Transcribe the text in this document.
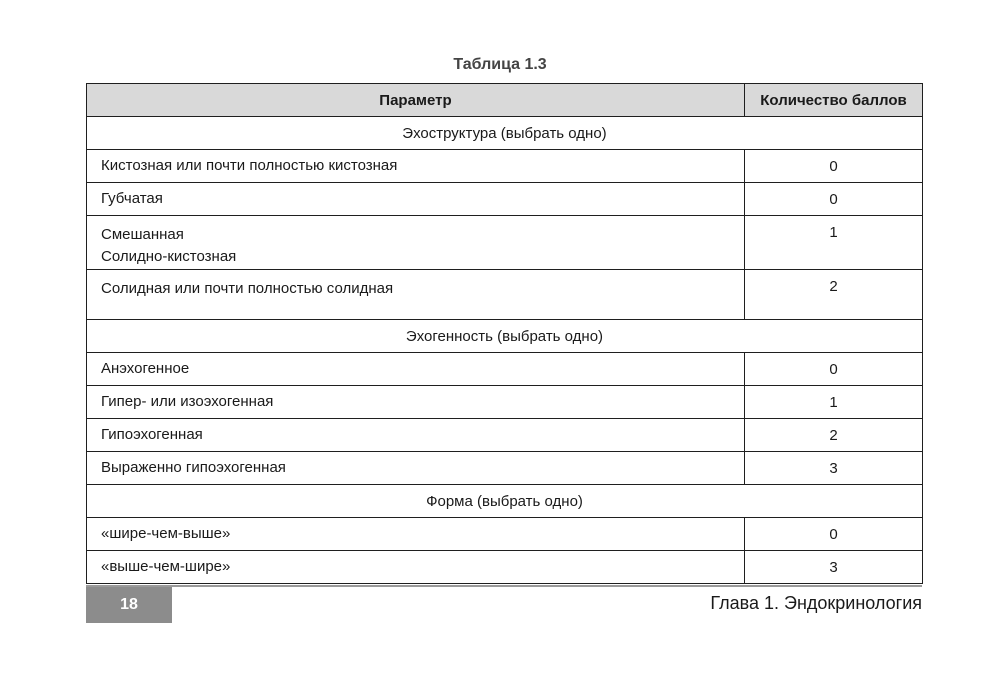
Таблица 1.3
Параметр	Количество баллов
Эхоструктура (выбрать одно)	

Кистозная или почти полностью кистозная	0

Губчатая	0

Смешанная
Солидно-кистозная	1

Солидная или почти полностью солидная	2
Эхогенность (выбрать одно)	

Анэхогенное	0

Гипер- или изоэхогенная	1

Гипоэхогенная	2

Выраженно гипоэхогенная	3
Форма (выбрать одно)	

«шире-чем-выше»	0

«выше-чем-шире»	3
18	Глава 1. Эндокринология
